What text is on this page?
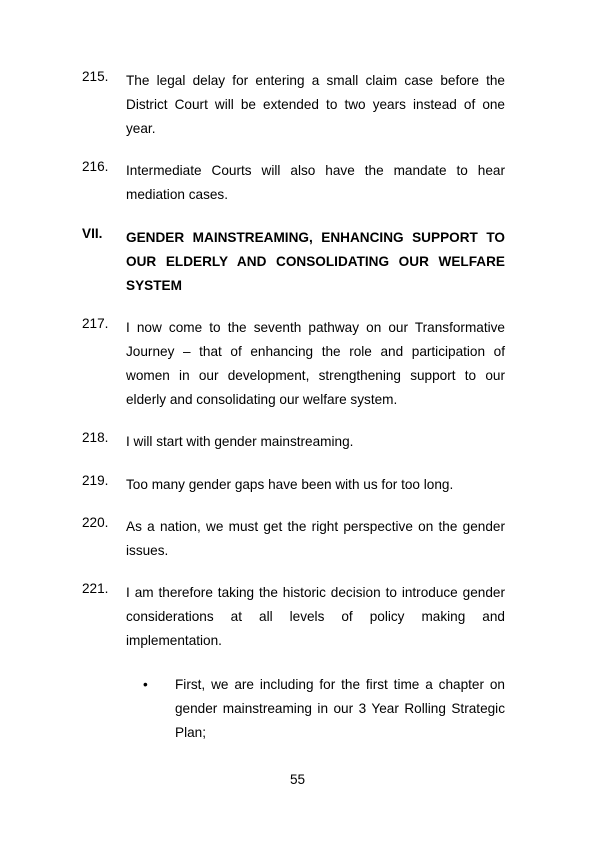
215. The legal delay for entering a small claim case before the District Court will be extended to two years instead of one year.

216. Intermediate Courts will also have the mandate to hear mediation cases.

VII. GENDER MAINSTREAMING, ENHANCING SUPPORT TO OUR ELDERLY AND CONSOLIDATING OUR WELFARE SYSTEM

217. I now come to the seventh pathway on our Transformative Journey – that of enhancing the role and participation of women in our development, strengthening support to our elderly and consolidating our welfare system.

218. I will start with gender mainstreaming.

219. Too many gender gaps have been with us for too long.

220. As a nation, we must get the right perspective on the gender issues.

221. I am therefore taking the historic decision to introduce gender considerations at all levels of policy making and implementation.

• First, we are including for the first time a chapter on gender mainstreaming in our 3 Year Rolling Strategic Plan;

55
